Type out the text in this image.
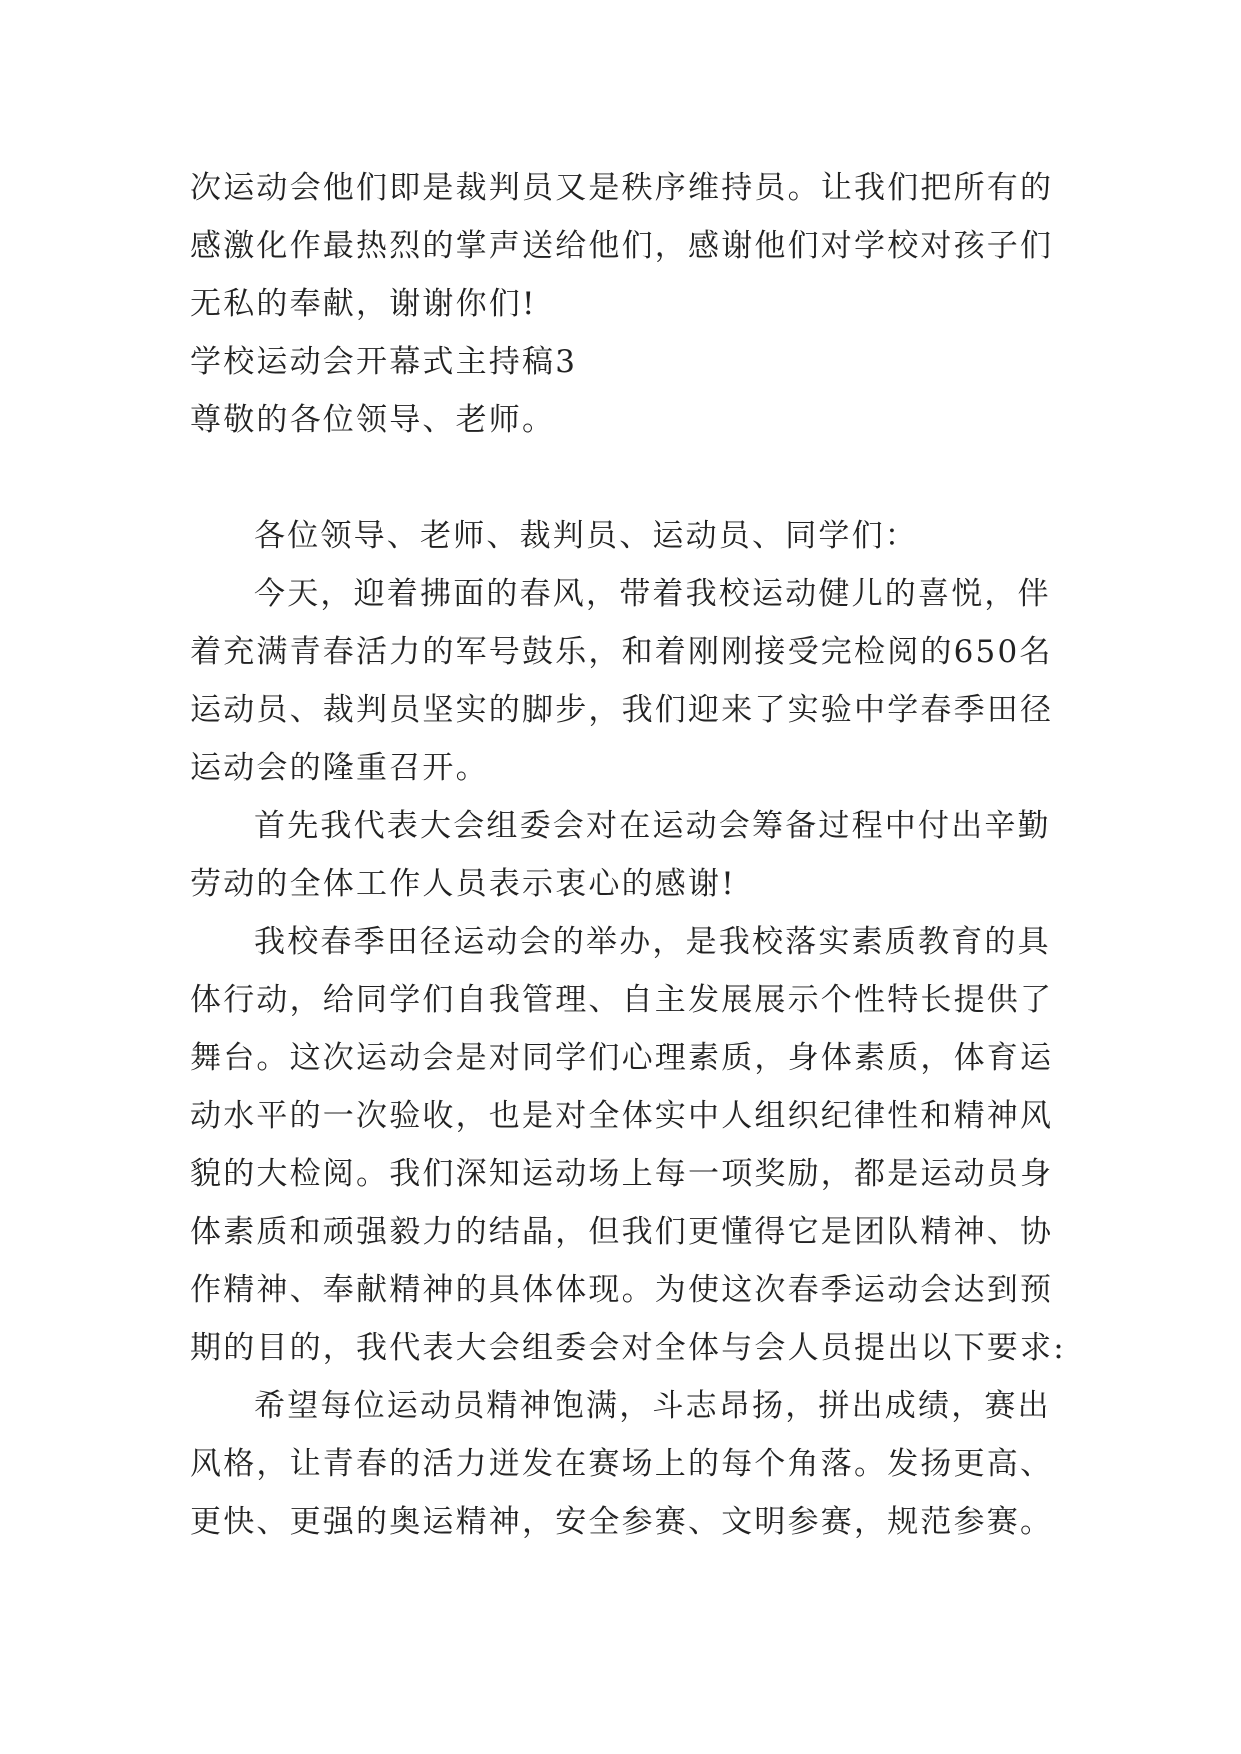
次运动会他们即是裁判员又是秩序维持员。让我们把所有的感激化作最热烈的掌声送给他们，感谢他们对学校对孩子们无私的奉献，谢谢你们!

学校运动会开幕式主持稿3

尊敬的各位领导、老师。

各位领导、老师、裁判员、运动员、同学们：

今天，迎着拂面的春风，带着我校运动健儿的喜悦，伴着充满青春活力的军号鼓乐，和着刚刚接受完检阅的650名运动员、裁判员坚实的脚步，我们迎来了实验中学春季田径运动会的隆重召开。

首先我代表大会组委会对在运动会筹备过程中付出辛勤劳动的全体工作人员表示衷心的感谢!

我校春季田径运动会的举办，是我校落实素质教育的具体行动，给同学们自我管理、自主发展展示个性特长提供了舞台。这次运动会是对同学们心理素质，身体素质，体育运动水平的一次验收，也是对全体实中人组织纪律性和精神风貌的大检阅。我们深知运动场上每一项奖励，都是运动员身体素质和顽强毅力的结晶，但我们更懂得它是团队精神、协作精神、奉献精神的具体体现。为使这次春季运动会达到预期的目的，我代表大会组委会对全体与会人员提出以下要求:

希望每位运动员精神饱满，斗志昂扬，拼出成绩，赛出风格，让青春的活力迸发在赛场上的每个角落。发扬更高、更快、更强的奥运精神，安全参赛、文明参赛，规范参赛。
